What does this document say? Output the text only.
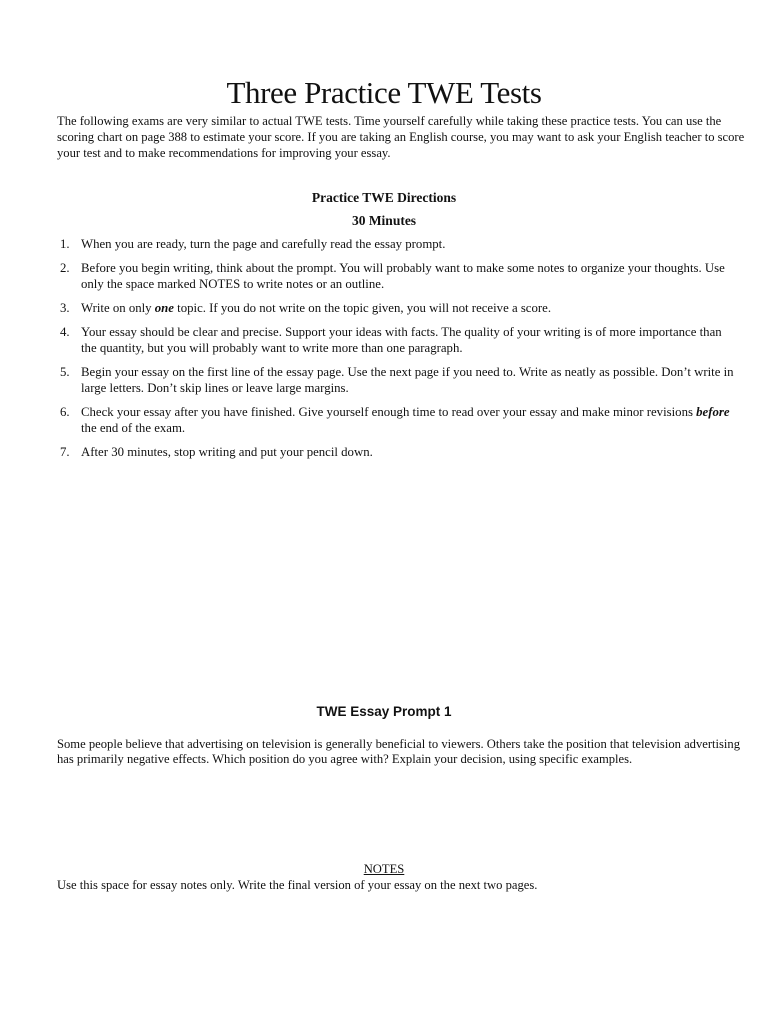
Three Practice TWE Tests

The following exams are very similar to actual TWE tests. Time yourself carefully while taking these practice tests. You can use the scoring chart on page 388 to estimate your score. If you are taking an English course, you may want to ask your English teacher to score your test and to make recommendations for improving your essay.

Practice TWE Directions
30 Minutes
1. When you are ready, turn the page and carefully read the essay prompt.
2. Before you begin writing, think about the prompt. You will probably want to make some notes to organize your thoughts. Use only the space marked NOTES to write notes or an outline.
3. Write on only one topic. If you do not write on the topic given, you will not receive a score.
4. Your essay should be clear and precise. Support your ideas with facts. The quality of your writing is of more importance than the quantity, but you will probably want to write more than one paragraph.
5. Begin your essay on the first line of the essay page. Use the next page if you need to. Write as neatly as possible. Don’t write in large letters. Don’t skip lines or leave large margins.
6. Check your essay after you have finished. Give yourself enough time to read over your essay and make minor revisions before the end of the exam.
7. After 30 minutes, stop writing and put your pencil down.
TWE Essay Prompt 1

Some people believe that advertising on television is generally beneficial to viewers. Others take the position that television advertising has primarily negative effects. Which position do you agree with? Explain your decision, using specific examples.

NOTES

Use this space for essay notes only. Write the final version of your essay on the next two pages.
